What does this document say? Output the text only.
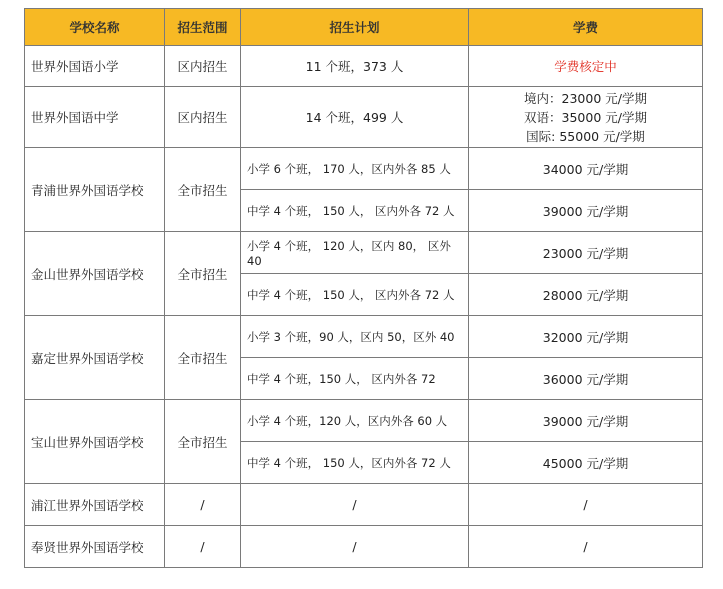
学校名称	招生范围	招生计划	学费
世界外国语小学	区内招生	11 个班，373 人	学费核定中
世界外国语中学	区内招生	14 个班，499 人	境内：23000 元/学期
双语：35000 元/学期
国际: 55000 元/学期

青浦世界外国语学校	全市招生	小学 6 个班， 170 人，区内外各 85 人	34000 元/学期
		中学 4 个班， 150 人， 区内外各 72 人	39000 元/学期
金山世界外国语学校	全市招生	小学 4 个班， 120 人，区内 80， 区外 40	23000 元/学期
		中学 4 个班， 150 人， 区内外各 72 人	28000 元/学期
嘉定世界外国语学校	全市招生	小学 3 个班，90 人，区内 50，区外 40	32000 元/学期
		中学 4 个班，150 人， 区内外各 72	36000 元/学期
宝山世界外国语学校	全市招生	小学 4 个班，120 人，区内外各 60 人	39000 元/学期
		中学 4 个班， 150 人，区内外各 72 人	45000 元/学期
浦江世界外国语学校	/	/	/
奉贤世界外国语学校	/	/	/
